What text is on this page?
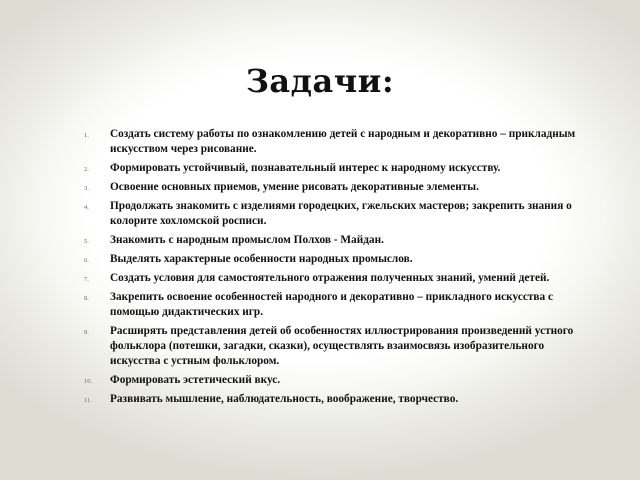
Задачи:
1. Создать систему работы по ознакомлению детей с народным и декоративно – прикладным искусством через рисование.
2. Формировать устойчивый, познавательный интерес к народному искусству.
3. Освоение основных приемов, умение рисовать декоративные элементы.
4. Продолжать знакомить с изделиями городецких, гжельских мастеров; закрепить знания о колорите хохломской росписи.
5. Знакомить с народным промыслом Полхов - Майдан.
6. Выделять характерные особенности народных промыслов.
7. Создать условия для самостоятельного отражения полученных знаний, умений детей.
8. Закрепить освоение особенностей народного и декоративно – прикладного искусства с помощью дидактических игр.
9. Расширять представления детей об особенностях иллюстрирования произведений устного фольклора (потешки, загадки, сказки), осуществлять взаимосвязь изобразительного искусства с устным фольклором.
10. Формировать эстетический вкус.
11. Развивать мышление, наблюдательность, воображение, творчество.
